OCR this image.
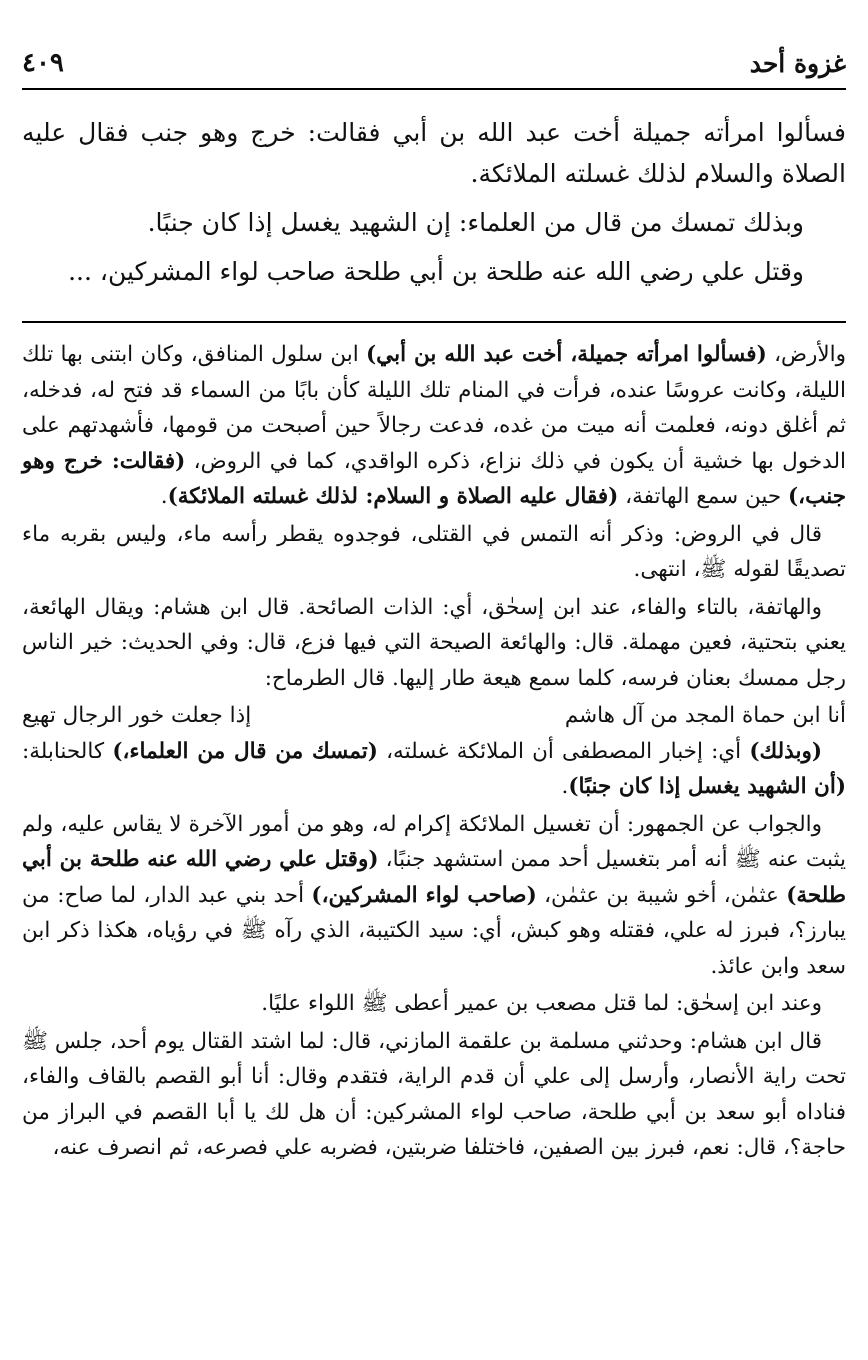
٤٠٩	غزوة أحد

فسألوا امرأته جميلة أخت عبد الله بن أبي فقالت: خرج وهو جنب فقال عليه الصلاة والسلام لذلك غسلته الملائكة.

وبذلك تمسك من قال من العلماء: إن الشهيد يغسل إذا كان جنبًا.

وقتل علي رضي الله عنه طلحة بن أبي طلحة صاحب لواء المشركين، ...

والأرض، (فسألوا امرأته جميلة، أخت عبد الله بن أبي) ابن سلول المنافق، وكان ابتنى بها تلك الليلة، وكانت عروسًا عنده، فرأت في المنام تلك الليلة كأن بابًا من السماء قد فتح له، فدخله، ثم أغلق دونه، فعلمت أنه ميت من غده، فدعت رجالاً حين أصبحت من قومها، فأشهدتهم على الدخول بها خشية أن يكون في ذلك نزاع، ذكره الواقدي، كما في الروض، (فقالت: خرج وهو جنب،) حين سمع الهاتفة، (فقال عليه الصلاة و السلام: لذلك غسلته الملائكة).

قال في الروض: وذكر أنه التمس في القتلى، فوجدوه يقطر رأسه ماء، وليس بقربه ماء تصديقًا لقوله ﷺ، انتهى.

والهاتفة، بالتاء والفاء، عند ابن إسحٰق، أي: الذات الصائحة. قال ابن هشام: ويقال الهائعة، يعني بتحتية، فعين مهملة. قال: والهائعة الصيحة التي فيها فزع، قال: وفي الحديث: خير الناس رجل ممسك بعنان فرسه، كلما سمع هيعة طار إليها. قال الطرماح:

أنا ابن حماة المجد من آل هاشم
إذا جعلت خور الرجال تهيع

(وبذلك) أي: إخبار المصطفى أن الملائكة غسلته، (تمسك من قال من العلماء،) كالحنابلة: (أن الشهيد يغسل إذا كان جنبًا).

والجواب عن الجمهور: أن تغسيل الملائكة إكرام له، وهو من أمور الآخرة لا يقاس عليه، ولم يثبت عنه ﷺ أنه أمر بتغسيل أحد ممن استشهد جنبًا، (وقتل علي رضي الله عنه طلحة بن أبي طلحة) عثمٰن، أخو شيبة بن عثمٰن، (صاحب لواء المشركين،) أحد بني عبد الدار، لما صاح: من يبارز؟، فبرز له علي، فقتله وهو كبش، أي: سيد الكتيبة، الذي رآه ﷺ في رؤياه، هكذا ذكر ابن سعد وابن عائذ.

وعند ابن إسحٰق: لما قتل مصعب بن عمير أعطى ﷺ اللواء عليًا.

قال ابن هشام: وحدثني مسلمة بن علقمة المازني، قال: لما اشتد القتال يوم أحد، جلس ﷺ تحت راية الأنصار، وأرسل إلى علي أن قدم الراية، فتقدم وقال: أنا أبو القصم بالقاف والفاء، فناداه أبو سعد بن أبي طلحة، صاحب لواء المشركين: أن هل لك يا أبا القصم في البراز من حاجة؟، قال: نعم، فبرز بين الصفين، فاختلفا ضربتين، فضربه علي فصرعه، ثم انصرف عنه،
